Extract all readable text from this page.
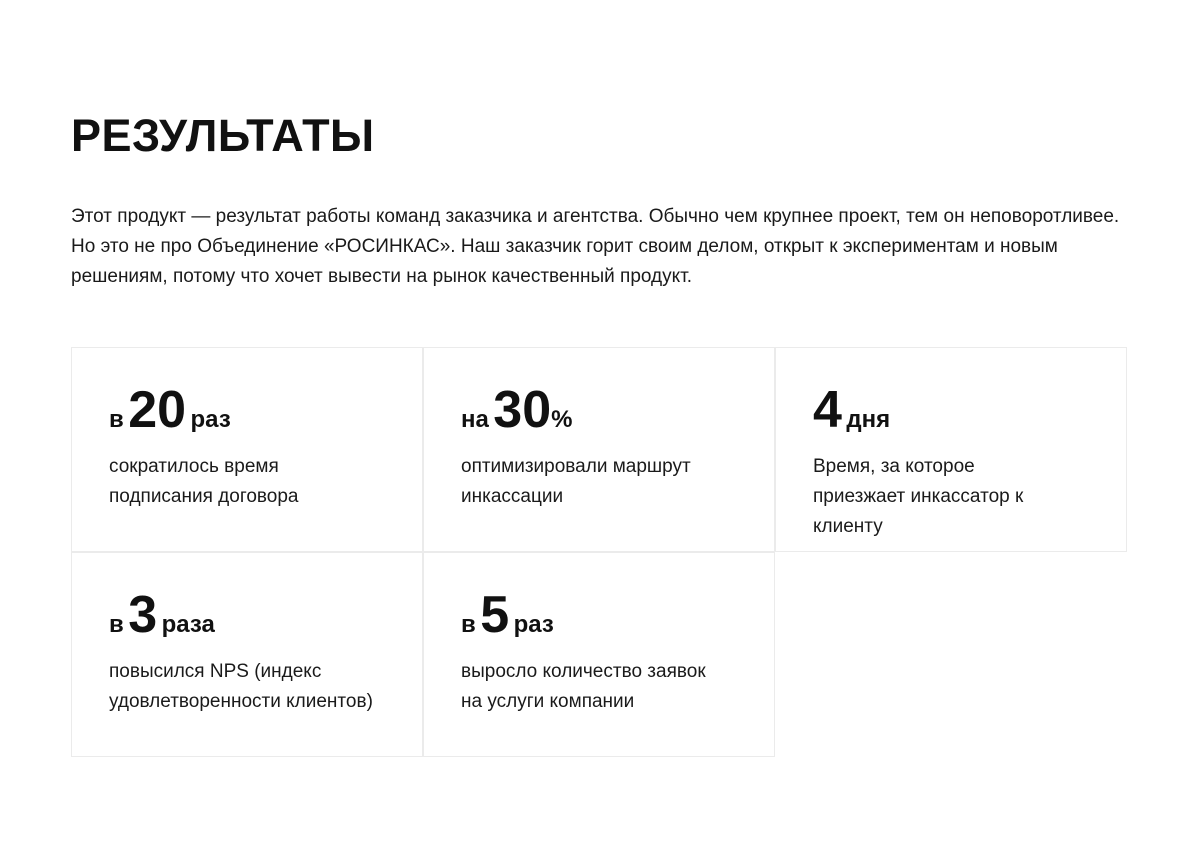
РЕЗУЛЬТАТЫ

Этот продукт — результат работы команд заказчика и агентства. Обычно чем крупнее проект, тем он неповоротливее. Но это не про Объединение «РОСИНКАС». Наш заказчик горит своим делом, открыт к экспериментам и новым решениям, потому что хочет вывести на рынок качественный продукт.

в 20 раз

сократилось время подписания договора

на 30%

оптимизировали маршрут инкассации

4 дня

Время, за которое приезжает инкассатор к клиенту

в 3 раза

повысился NPS (индекс удовлетворенности клиентов)

в 5 раз

выросло количество заявок на услуги компании
